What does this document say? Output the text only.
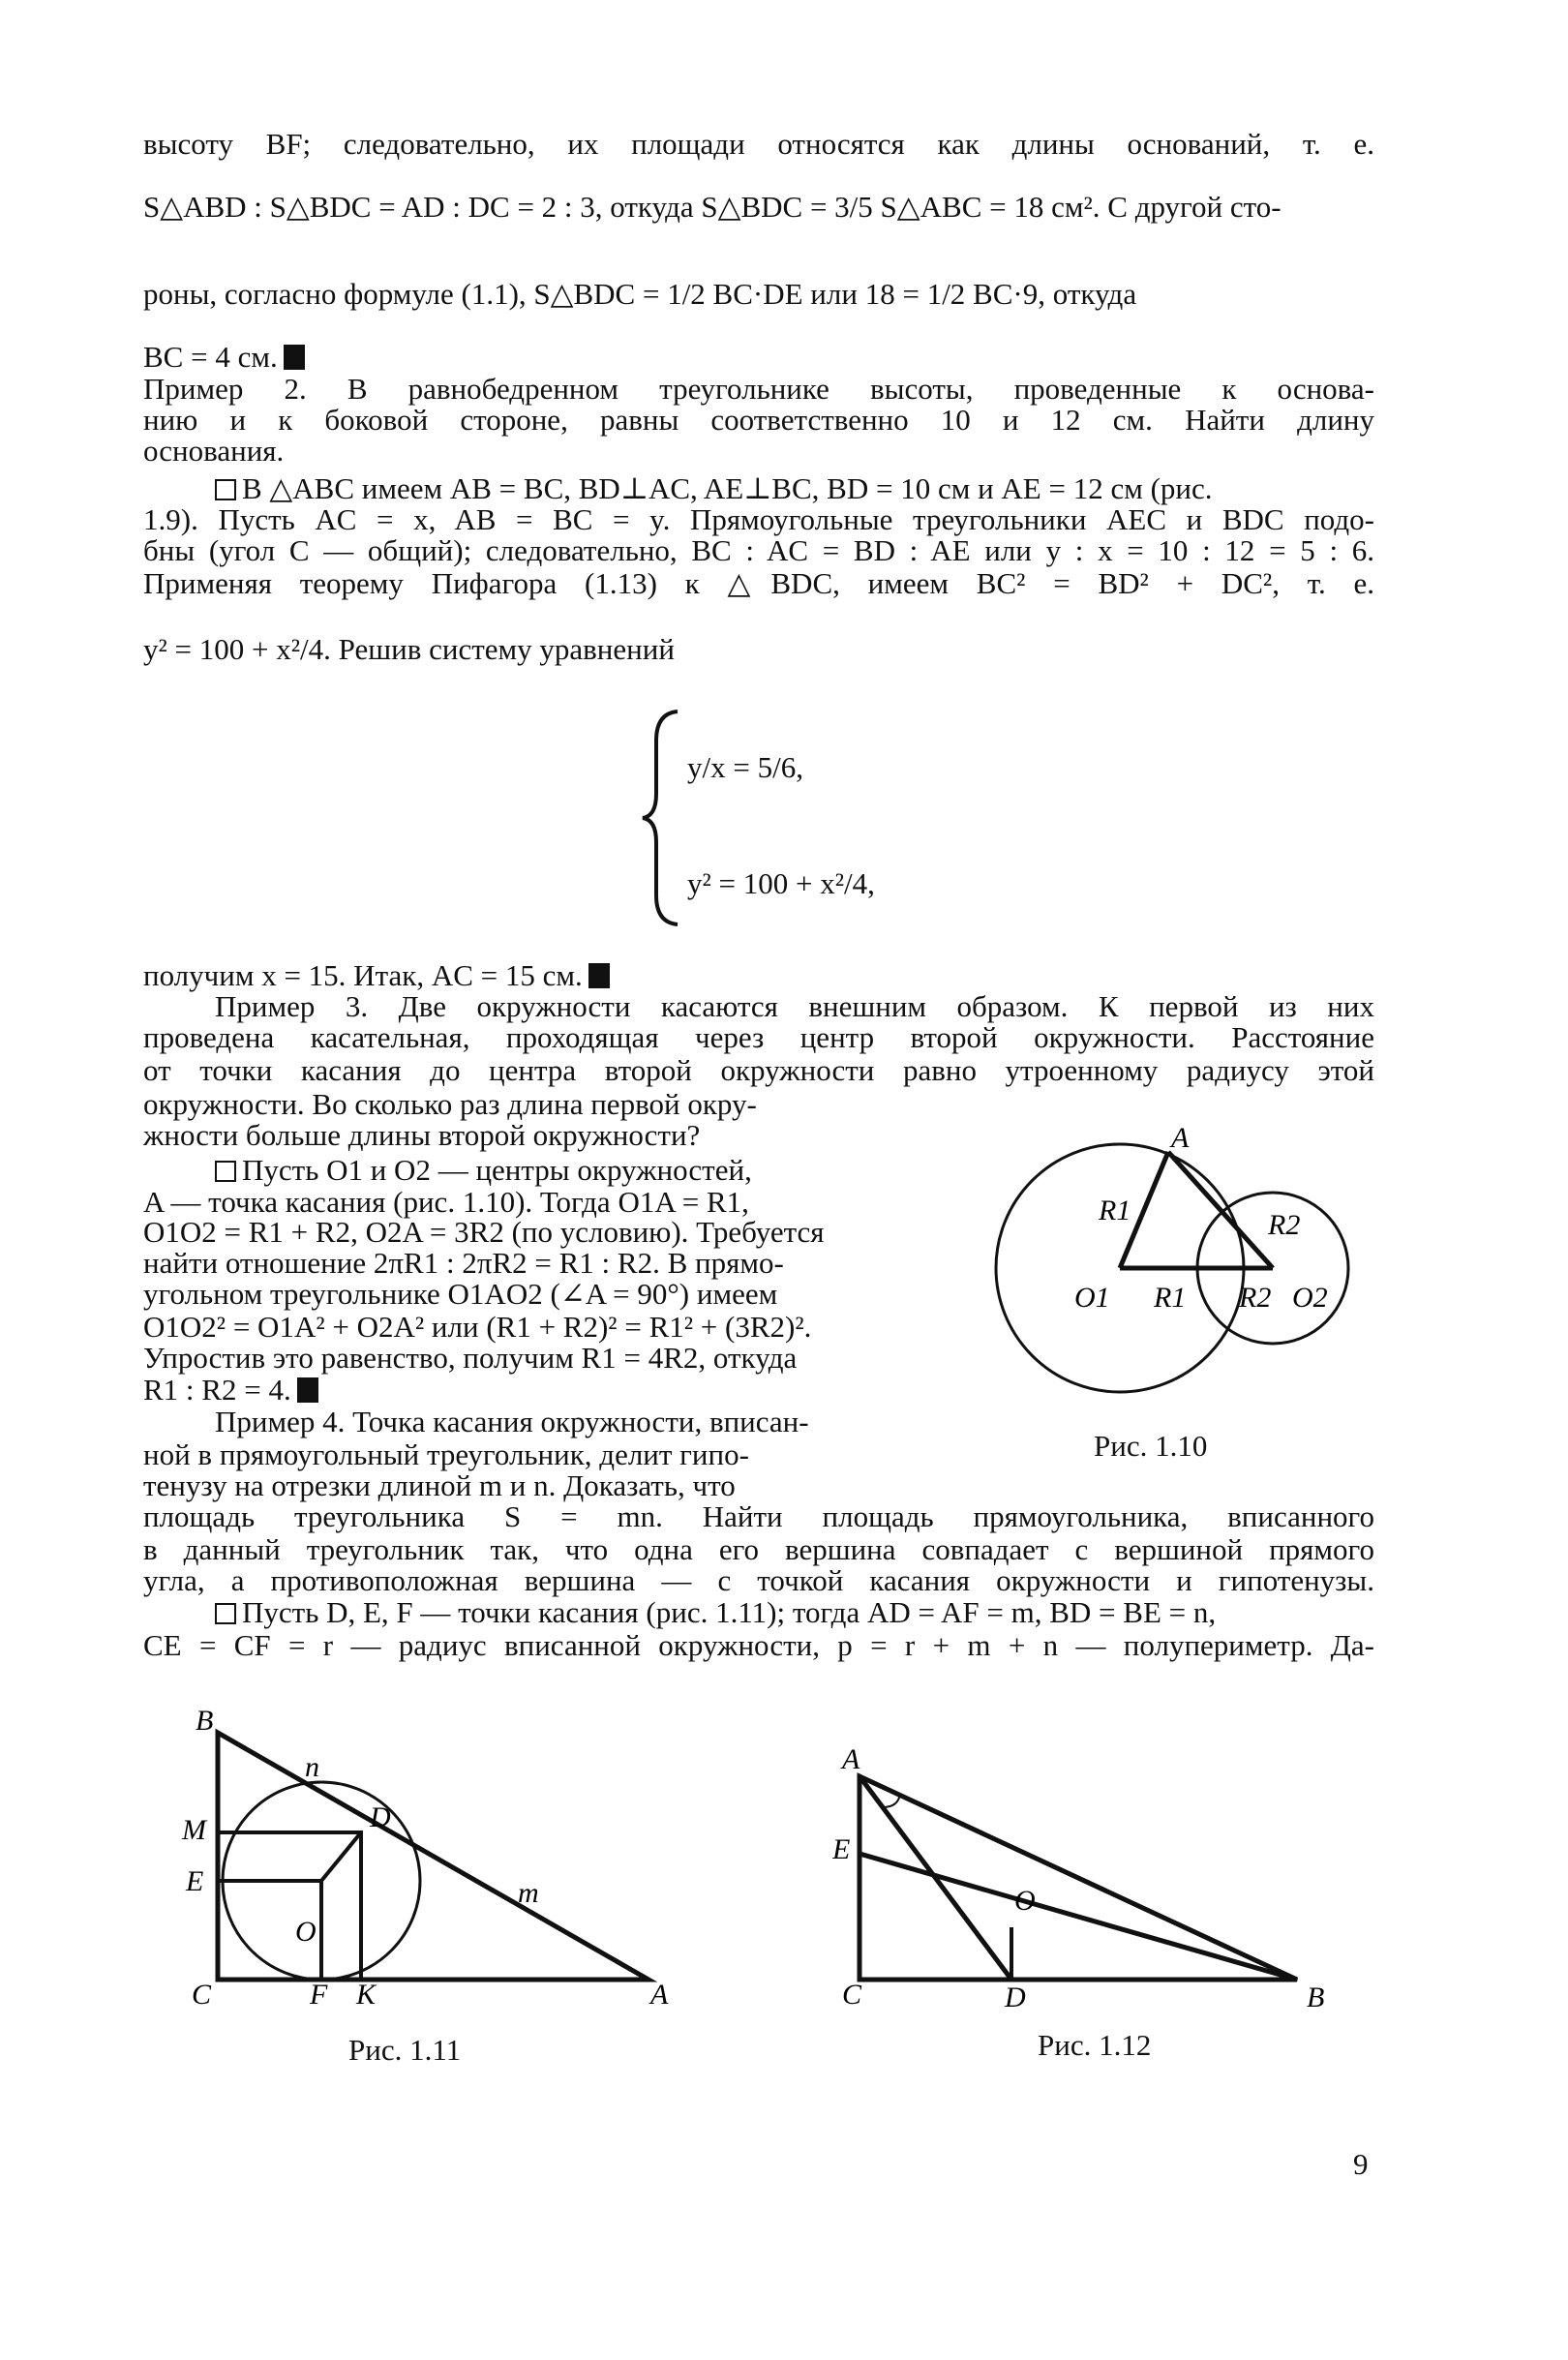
высоту BF; следовательно, их площади относятся как длины оснований, т. е.
S△ABD : S△BDC = AD : DC = 2 : 3, откуда S△BDC = 3/5 S△ABC = 18 см². С другой сто-
роны, согласно формуле (1.1), S△BDC = 1/2 BC·DE или 18 = 1/2 BC·9, откуда
BC = 4 см.
Пример 2. В равнобедренном треугольнике высоты, проведенные к основа-
нию и к боковой стороне, равны соответственно 10 и 12 см. Найти длину
основания.
В △ABC имеем AB = BC, BD⊥AC, AE⊥BC, BD = 10 см и AE = 12 см (рис.
1.9). Пусть AC = x, AB = BC = y. Прямоугольные треугольники AEC и BDC подо-
бны (угол C — общий); следовательно, BC : AC = BD : AE или y : x = 10 : 12 = 5 : 6.
Применяя теорему Пифагора (1.13) к △BDC, имеем BC² = BD² + DC², т. е.
y² = 100 + x²/4. Решив систему уравнений
y/x = 5/6,
y² = 100 + x²/4,
получим x = 15. Итак, AC = 15 см.
Пример 3. Две окружности касаются внешним образом. К первой из них
проведена касательная, проходящая через центр второй окружности. Расстояние
от точки касания до центра второй окружности равно утроенному радиусу этой
окружности. Во сколько раз длина первой окру-
жности больше длины второй окружности?
Пусть O1 и O2 — центры окружностей,
A — точка касания (рис. 1.10). Тогда O1A = R1,
O1O2 = R1 + R2, O2A = 3R2 (по условию). Требуется
найти отношение 2πR1 : 2πR2 = R1 : R2. В прямо-
угольном треугольнике O1AO2 (∠A = 90°) имеем
O1O2² = O1A² + O2A² или (R1 + R2)² = R1² + (3R2)².
Упростив это равенство, получим R1 = 4R2, откуда
R1 : R2 = 4.
Пример 4. Точка касания окружности, вписан-
ной в прямоугольный треугольник, делит гипо-
тенузу на отрезки длиной m и n. Доказать, что
площадь треугольника S = mn. Найти площадь прямоугольника, вписанного
в данный треугольник так, что одна его вершина совпадает с вершиной прямого
угла, а противоположная вершина — с точкой касания окружности и гипотенузы.
Пусть D, E, F — точки касания (рис. 1.11); тогда AD = AF = m, BD = BE = n,
CE = CF = r — радиус вписанной окружности, p = r + m + n — полупериметр. Да-
A
R1	R2
O1 R1 R2 O2
Рис. 1.10
B
n
M	D
E	m
O
C	F K	A
Рис. 1.11
A
E
O
C	D	B
Рис. 1.12
9
